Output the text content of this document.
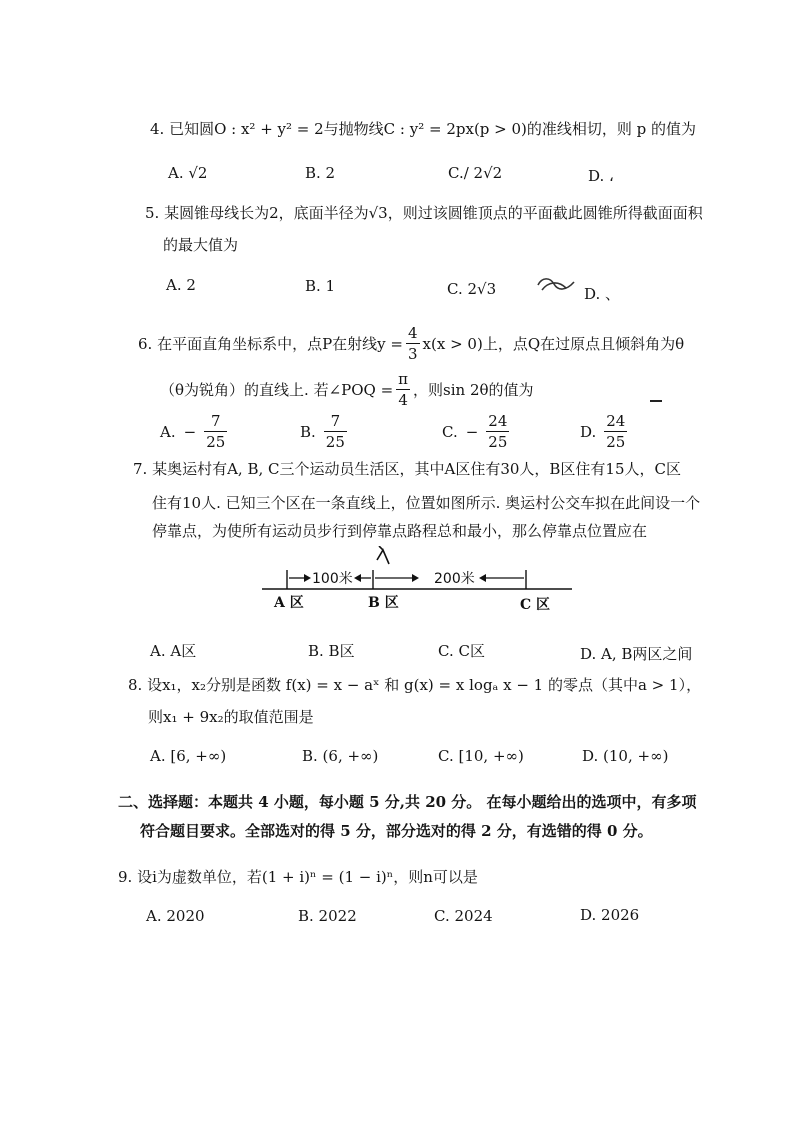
4. 已知圆O : x² + y² = 2与抛物线C : y² = 2px(p > 0)的准线相切，则 p 的值为
A. √2	B. 2	C./ 2√2	D. ،
5. 某圆锥母线长为2，底面半径为√3，则过该圆锥顶点的平面截此圆锥所得截面面积
的最大值为
A. 2	B. 1	C. 2√3	D. 、
6. 在平面直角坐标系中，点P在射线$y = \frac{4}{3} x(x > 0)$上，点Q在过原点且倾斜角为θ
（θ为锐角）的直线上. 若∠POQ = $\frac{\pi}{4}$ ，则sin 2θ的值为
A. − $\frac{7}{25}$	B. $\frac{7}{25}$	C. − $\frac{24}{25}$	D. $\frac{24}{25}$
7. 某奥运村有A, B, C三个运动员生活区，其中A区住有30人，B区住有15人，C区
住有10人. 已知三个区在一条直线上，位置如图所示. 奥运村公交车拟在此间设一个
停靠点，为使所有运动员步行到停靠点路程总和最小，那么停靠点位置应在
100米	200米
A 区	B 区	C 区
A. A区	B. B区	C. C区	D. A, B两区之间
8. 设x₁，x₂分别是函数 f(x) = x − aˣ 和 g(x) = x logₐ x − 1 的零点（其中a > 1），
则x₁ + 9x₂的取值范围是
A. [6, +∞)	B. (6, +∞)	C. [10, +∞)	D. (10, +∞)
二、选择题：本题共 4 小题，每小题 5 分,共 20 分。 在每小题给出的选项中，有多项
符合题目要求。全部选对的得 5 分，部分选对的得 2 分，有选错的得 0 分。
9. 设i为虚数单位，若(1 + i)ⁿ = (1 − i)ⁿ，则n可以是
A. 2020	B. 2022	C. 2024	D. 2026
